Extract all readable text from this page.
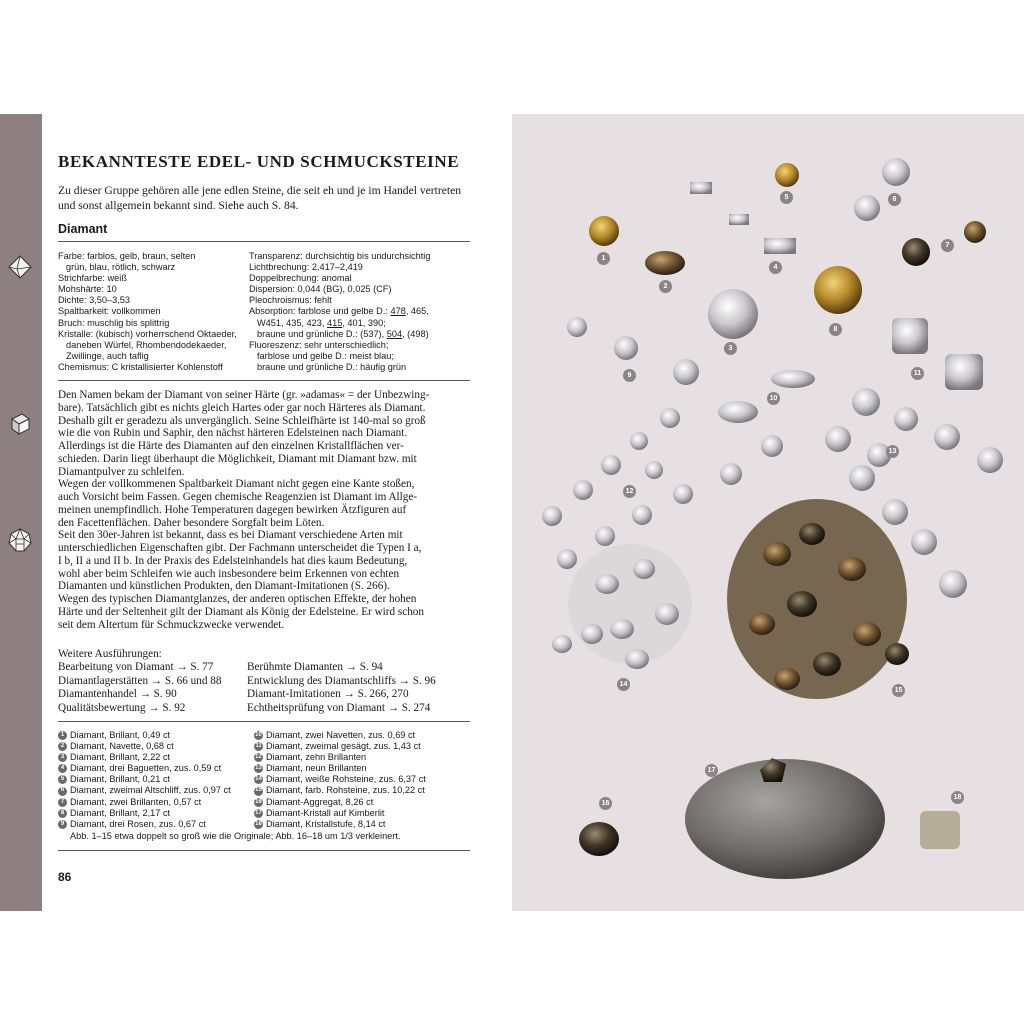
BEKANNTESTE EDEL- UND SCHMUCKSTEINE
Zu dieser Gruppe gehören alle jene edlen Steine, die seit eh und je im Handel vertreten und sonst allgemein bekannt sind. Siehe auch S. 84.
Diamant
Farbe: farblos, gelb, braun, selten
grün, blau, rötlich, schwarz
Strichfarbe: weiß
Mohshärte: 10
Dichte: 3,50–3,53
Spaltbarkeit: vollkommen
Bruch: muschlig bis splittrig
Kristalle: (kubisch) vorherrschend Oktaeder,
daneben Würfel, Rhombendodekaeder,
Zwillinge, auch taflig
Chemismus: C kristallisierter Kohlenstoff
Transparenz: durchsichtig bis undurchsichtig
Lichtbrechung: 2,417–2,419
Doppelbrechung: anomal
Dispersion: 0,044 (BG), 0,025 (CF)
Pleochroismus: fehlt
Absorption: farblose und gelbe D.: 478, 465,
W451, 435, 423, 415, 401, 390;
braune und grünliche D.: (537), 504, (498)
Fluoreszenz: sehr unterschiedlich;
farblose und gelbe D.: meist blau;
braune und grünliche D.: häufig grün

Den Namen bekam der Diamant von seiner Härte (gr. »adamas« = der Unbezwing-

bare). Tatsächlich gibt es nichts gleich Hartes oder gar noch Härteres als Diamant.

Deshalb gilt er geradezu als unvergänglich. Seine Schleifhärte ist 140-mal so groß

wie die von Rubin und Saphir, den nächst härteren Edelsteinen nach Diamant.

Allerdings ist die Härte des Diamanten auf den einzelnen Kristallflächen ver-

schieden. Darin liegt überhaupt die Möglichkeit, Diamant mit Diamant bzw. mit

Diamantpulver zu schleifen.

Wegen der vollkommenen Spaltbarkeit Diamant nicht gegen eine Kante stoßen,

auch Vorsicht beim Fassen. Gegen chemische Reagenzien ist Diamant im Allge-

meinen unempfindlich. Hohe Temperaturen dagegen bewirken Ätzfiguren auf

den Facettenflächen. Daher besondere Sorgfalt beim Löten.

Seit den 30er-Jahren ist bekannt, dass es bei Diamant verschiedene Arten mit

unterschiedlichen Eigenschaften gibt. Der Fachmann unterscheidet die Typen I a,

I b, II a und II b. In der Praxis des Edelsteinhandels hat dies kaum Bedeutung,

wohl aber beim Schleifen wie auch insbesondere beim Erkennen von echten

Diamanten und künstlichen Produkten, den Diamant-Imitationen (S. 266).

Wegen des typischen Diamantglanzes, der anderen optischen Effekte, der hohen

Härte und der Seltenheit gilt der Diamant als König der Edelsteine. Er wird schon

seit dem Altertum für Schmuckzwecke verwendet.

Weitere Ausführungen:
Bearbeitung von Diamant → S. 77
Diamantlagerstätten → S. 66 und 88
Diamantenhandel → S. 90
Qualitätsbewertung → S. 92
Berühmte Diamanten → S. 94
Entwicklung des Diamantschliffs → S. 96
Diamant-Imitationen → S. 266, 270
Echtheitsprüfung von Diamant → S. 274
1 Diamant, Brillant, 0,49 ct
2 Diamant, Navette, 0,68 ct
3 Diamant, Brillant, 2,22 ct
4 Diamant, drei Baguetten, zus. 0,59 ct
5 Diamant, Brillant, 0,21 ct
6 Diamant, zweimal Altschliff, zus. 0,97 ct
7 Diamant, zwei Brillanten, 0,57 ct
8 Diamant, Brillant, 2,17 ct
9 Diamant, drei Rosen, zus. 0,67 ct
10 Diamant, zwei Navetten, zus. 0,69 ct
11 Diamant, zweimal gesägt, zus. 1,43 ct
12 Diamant, zehn Brillanten
13 Diamant, neun Brillanten
14 Diamant, weiße Rohsteine, zus. 6,37 ct
15 Diamant, farb. Rohsteine, zus. 10,22 ct
16 Diamant-Aggregat, 8,26 ct
17 Diamant-Kristall auf Kimberlit
18 Diamant, Kristallstufe, 8,14 ct
Abb. 1–15 etwa doppelt so groß wie die Originale; Abb. 16–18 um 1/3 verkleinert.
86
1
2
3
4
5	6
7
8
9
10
11
12
13
14
15
16
17
18
